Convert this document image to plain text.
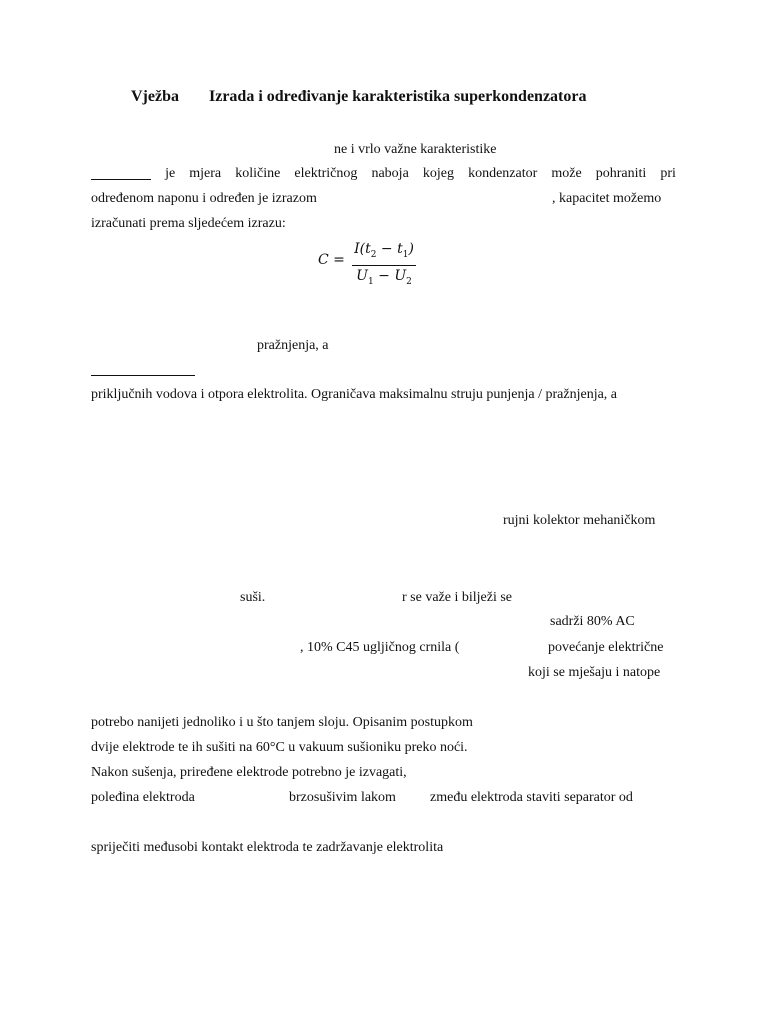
Vježba Izrada i određivanje karakteristika superkondenzatora
ne i vrlo važne karakteristike
je mjera količine električnog naboja kojeg kondenzator može pohraniti pri
određenom naponu i određen je izrazom	, kapacitet možemo
izračunati prema sljedećem izrazu:
C =
$I(t_2 - t_1)$
$U_1 - U_2$
pražnjenja, a
priključnih vodova i otpora elektrolita. Ograničava maksimalnu struju punjenja / pražnjenja, a
rujni kolektor mehaničkom
suši.	r se važe i bilježi se
sadrži 80% AC
, 10% C45 ugljičnog crnila (	povećanje električne
koji se mješaju i natope
potrebo nanijeti jednoliko i u što tanjem sloju. Opisanim postupkom
dvije elektrode te ih sušiti na 60°C u vakuum sušioniku preko noći.
Nakon sušenja, priređene elektrode potrebno je izvagati,
poleđina elektroda	brzosušivim lakom zmeđu elektroda staviti separator od
spriječiti međusobi kontakt elektroda te zadržavanje elektrolita
